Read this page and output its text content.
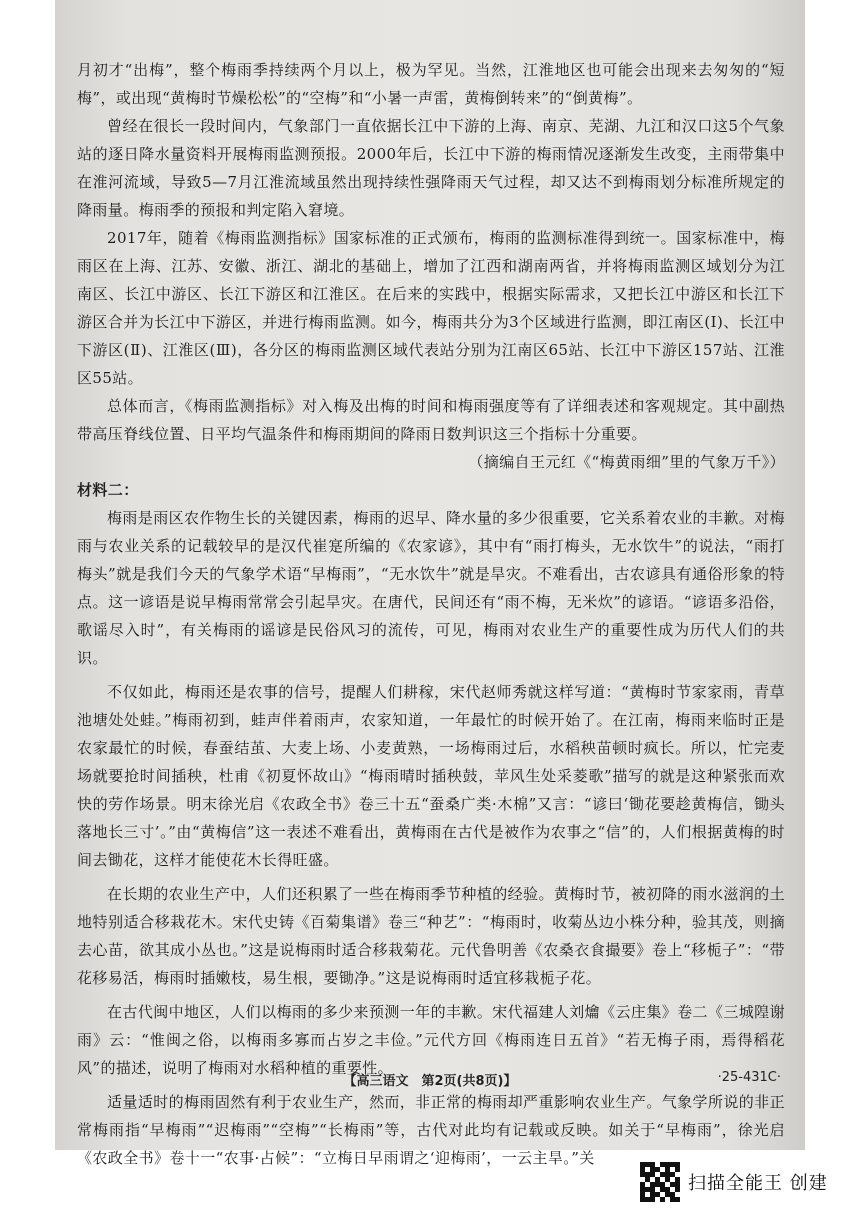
月初才“出梅”，整个梅雨季持续两个月以上，极为罕见。当然，江淮地区也可能会出现来去匆匆的“短梅”，或出现“黄梅时节燥松松”的“空梅”和“小暑一声雷，黄梅倒转来”的“倒黄梅”。

曾经在很长一段时间内，气象部门一直依据长江中下游的上海、南京、芜湖、九江和汉口这5个气象站的逐日降水量资料开展梅雨监测预报。2000年后，长江中下游的梅雨情况逐渐发生改变，主雨带集中在淮河流域，导致5—7月江淮流域虽然出现持续性强降雨天气过程，却又达不到梅雨划分标准所规定的降雨量。梅雨季的预报和判定陷入窘境。

2017年，随着《梅雨监测指标》国家标准的正式颁布，梅雨的监测标准得到统一。国家标准中，梅雨区在上海、江苏、安徽、浙江、湖北的基础上，增加了江西和湖南两省，并将梅雨监测区域划分为江南区、长江中游区、长江下游区和江淮区。在后来的实践中，根据实际需求，又把长江中游区和长江下游区合并为长江中下游区，并进行梅雨监测。如今，梅雨共分为3个区域进行监测，即江南区(Ⅰ)、长江中下游区(Ⅱ)、江淮区(Ⅲ)，各分区的梅雨监测区域代表站分别为江南区65站、长江中下游区157站、江淮区55站。

总体而言，《梅雨监测指标》对入梅及出梅的时间和梅雨强度等有了详细表述和客观规定。其中副热带高压脊线位置、日平均气温条件和梅雨期间的降雨日数判识这三个指标十分重要。

（摘编自王元红《“梅黄雨细”里的气象万千》）

材料二：

梅雨是雨区农作物生长的关键因素，梅雨的迟早、降水量的多少很重要，它关系着农业的丰歉。对梅雨与农业关系的记载较早的是汉代崔寔所编的《农家谚》，其中有“雨打梅头，无水饮牛”的说法，“雨打梅头”就是我们今天的气象学术语“早梅雨”，“无水饮牛”就是旱灾。不难看出，古农谚具有通俗形象的特点。这一谚语是说早梅雨常常会引起旱灾。在唐代，民间还有“雨不梅，无米炊”的谚语。“谚语多沿俗，歌谣尽入时”，有关梅雨的谣谚是民俗风习的流传，可见，梅雨对农业生产的重要性成为历代人们的共识。

不仅如此，梅雨还是农事的信号，提醒人们耕稼，宋代赵师秀就这样写道：“黄梅时节家家雨，青草池塘处处蛙。”梅雨初到，蛙声伴着雨声，农家知道，一年最忙的时候开始了。在江南，梅雨来临时正是农家最忙的时候，春蚕结茧、大麦上场、小麦黄熟，一场梅雨过后，水稻秧苗顿时疯长。所以，忙完麦场就要抢时间插秧，杜甫《初夏怀故山》“梅雨晴时插秧鼓，苹风生处采菱歌”描写的就是这种紧张而欢快的劳作场景。明末徐光启《农政全书》卷三十五“蚕桑广类·木棉”又言：“谚曰‘锄花要趁黄梅信，锄头落地长三寸’。”由“黄梅信”这一表述不难看出，黄梅雨在古代是被作为农事之“信”的，人们根据黄梅的时间去锄花，这样才能使花木长得旺盛。

在长期的农业生产中，人们还积累了一些在梅雨季节种植的经验。黄梅时节，被初降的雨水滋润的土地特别适合移栽花木。宋代史铸《百菊集谱》卷三“种艺”：“梅雨时，收菊丛边小株分种，验其茂，则摘去心苗，欲其成小丛也。”这是说梅雨时适合移栽菊花。元代鲁明善《农桑衣食撮要》卷上“移栀子”：“带花移易活，梅雨时插嫩枝，易生根，要锄净。”这是说梅雨时适宜移栽栀子花。

在古代闽中地区，人们以梅雨的多少来预测一年的丰歉。宋代福建人刘爚《云庄集》卷二《三城隍谢雨》云：“惟闽之俗，以梅雨多寡而占岁之丰俭。”元代方回《梅雨连日五首》“若无梅子雨，焉得稻花风”的描述，说明了梅雨对水稻种植的重要性。

适量适时的梅雨固然有利于农业生产，然而，非正常的梅雨却严重影响农业生产。气象学所说的非正常梅雨指“早梅雨”“迟梅雨”“空梅”“长梅雨”等，古代对此均有记载或反映。如关于“早梅雨”，徐光启《农政全书》卷十一“农事·占候”：“立梅日早雨谓之‘迎梅雨’，一云主旱。”关

【高三语文　第2页(共8页)】	·25-431C·
扫描全能王 创建
